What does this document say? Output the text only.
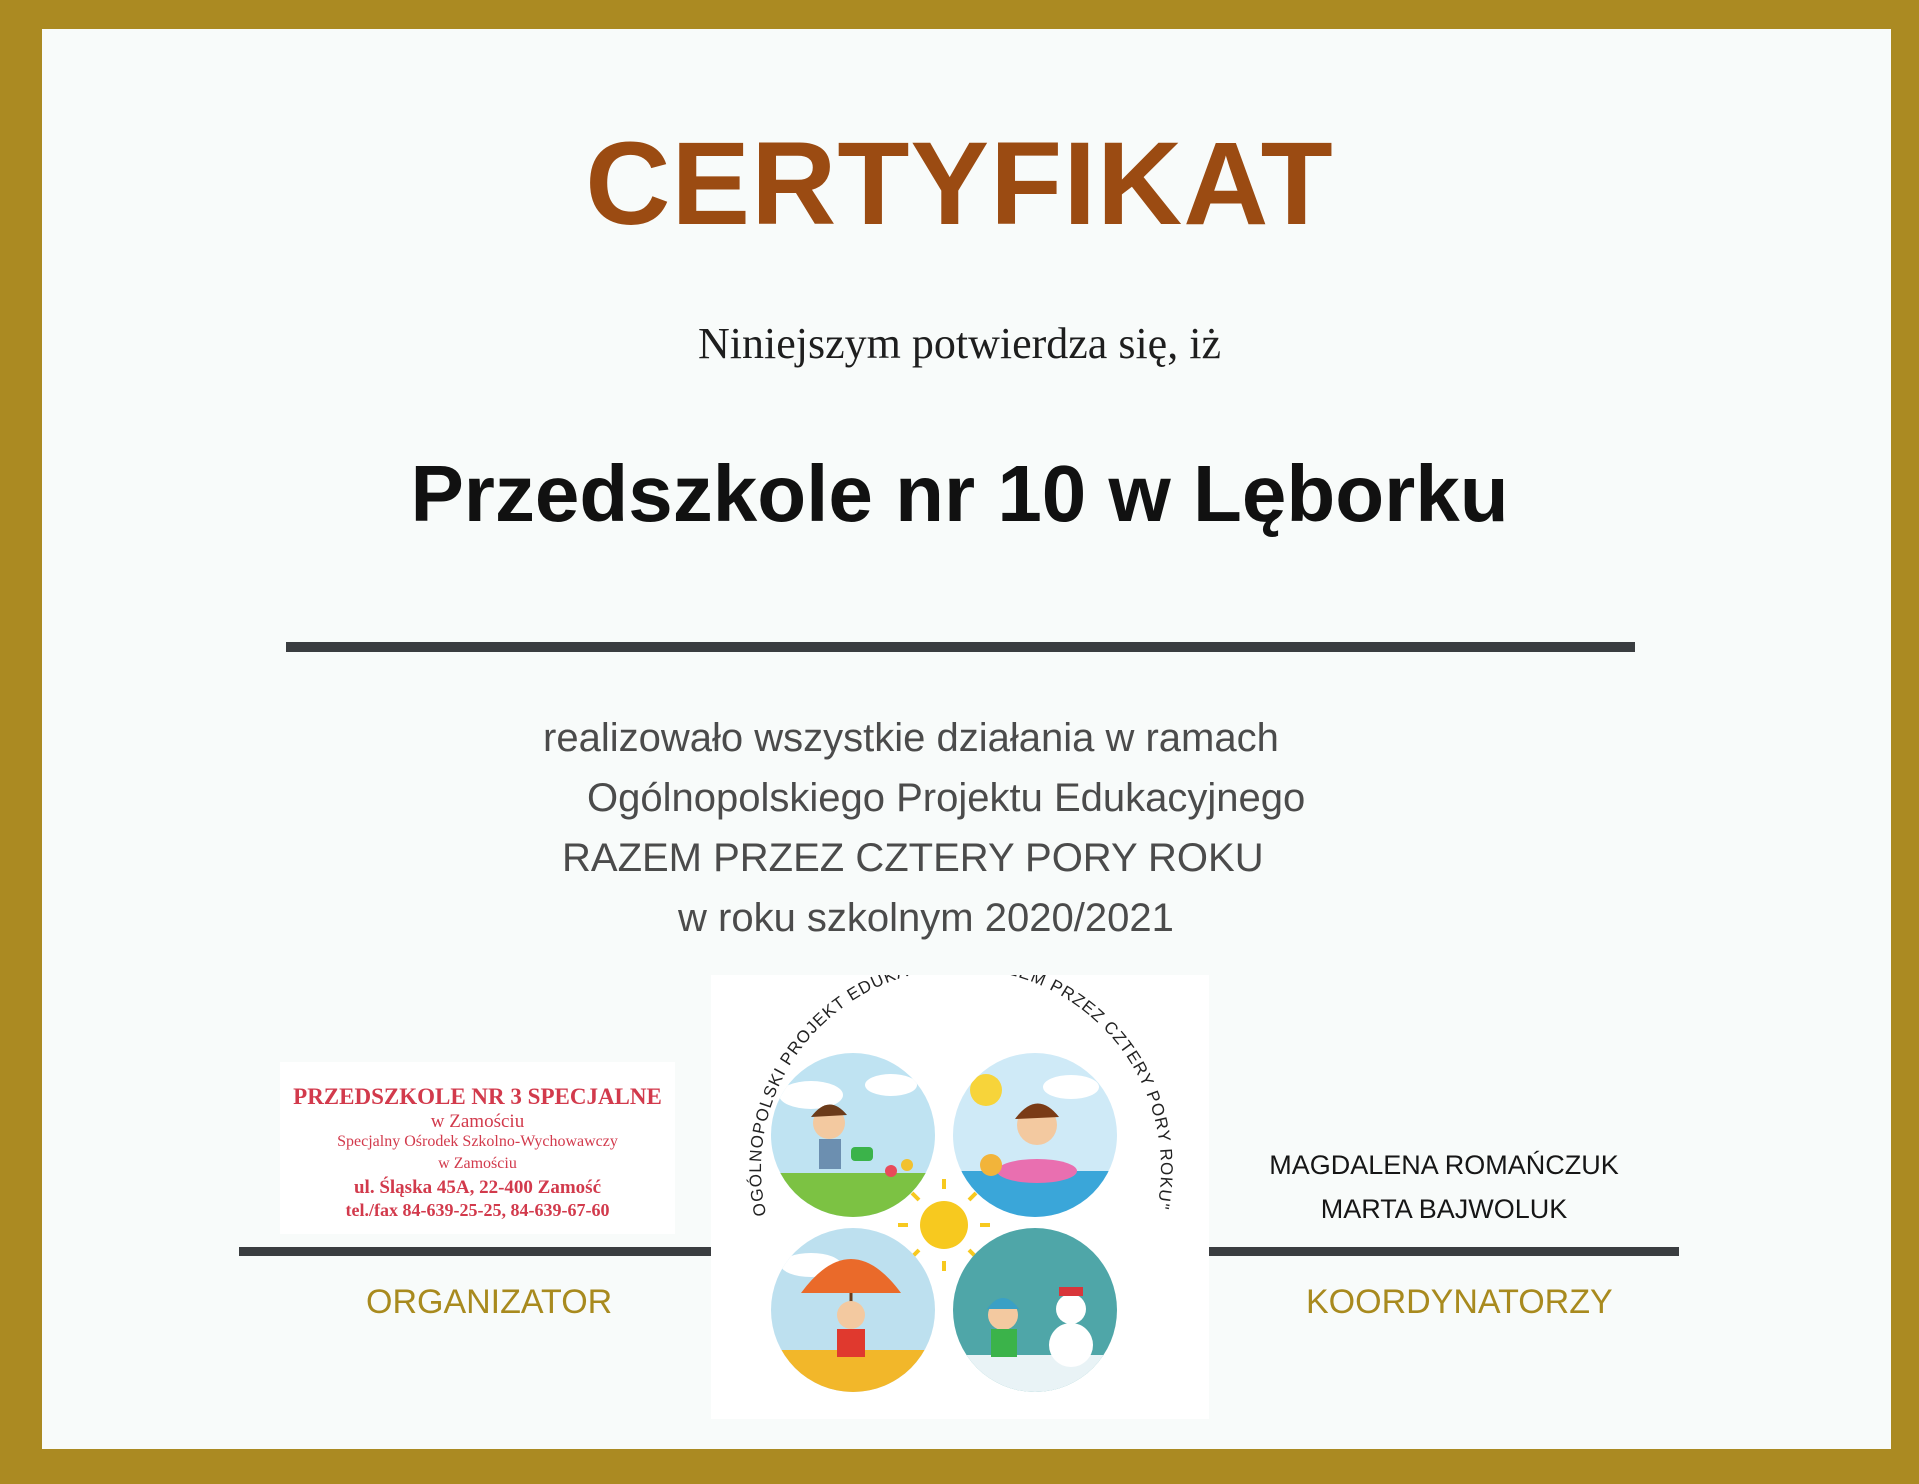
CERTYFIKAT
Niniejszym potwierdza się, iż
Przedszkole nr 10 w Lęborku
realizowało wszystkie działania w ramach
Ogólnopolskiego Projektu Edukacyjnego
RAZEM PRZEZ CZTERY PORY ROKU
w roku szkolnym 2020/2021
PRZEDSZKOLE NR 3 SPECJALNE
w Zamościu
Specjalny Ośrodek Szkolno-Wychowawczy
w Zamościu
ul. Śląska 45A, 22-400 Zamość
tel./fax 84-639-25-25, 84-639-67-60
ORGANIZATOR
OGÓLNOPOLSKI PROJEKT EDUK M PRZEZ CZTERY PORY ROKU"
MAGDALENA ROMAŃCZUK
MARTA BAJWOLUK
KOORDYNATORZY
